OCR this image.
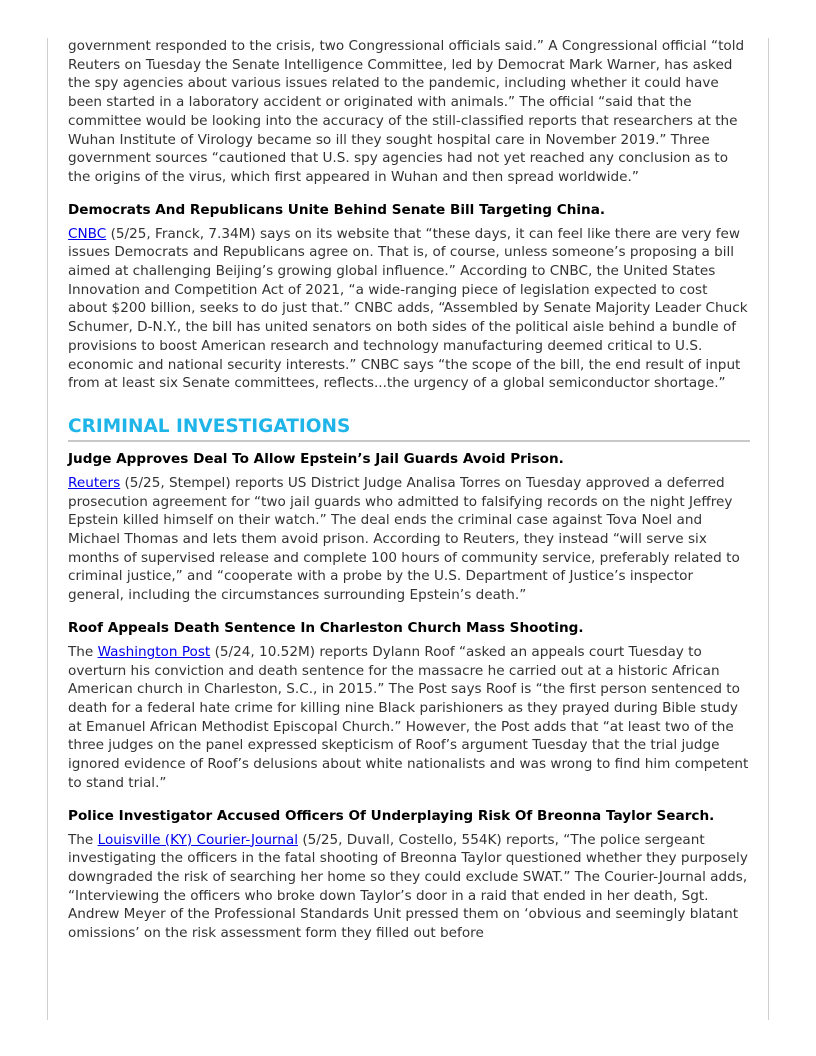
government responded to the crisis, two Congressional officials said.” A Congressional official “told Reuters on Tuesday the Senate Intelligence Committee, led by Democrat Mark Warner, has asked the spy agencies about various issues related to the pandemic, including whether it could have been started in a laboratory accident or originated with animals.” The official “said that the committee would be looking into the accuracy of the still-classified reports that researchers at the Wuhan Institute of Virology became so ill they sought hospital care in November 2019.” Three government sources “cautioned that U.S. spy agencies had not yet reached any conclusion as to the origins of the virus, which first appeared in Wuhan and then spread worldwide.”

Democrats And Republicans Unite Behind Senate Bill Targeting China.

CNBC (5/25, Franck, 7.34M) says on its website that “these days, it can feel like there are very few issues Democrats and Republicans agree on. That is, of course, unless someone’s proposing a bill aimed at challenging Beijing’s growing global influence.” According to CNBC, the United States Innovation and Competition Act of 2021, “a wide-ranging piece of legislation expected to cost about $200 billion, seeks to do just that.” CNBC adds, “Assembled by Senate Majority Leader Chuck Schumer, D-N.Y., the bill has united senators on both sides of the political aisle behind a bundle of provisions to boost American research and technology manufacturing deemed critical to U.S. economic and national security interests.” CNBC says “the scope of the bill, the end result of input from at least six Senate committees, reflects...the urgency of a global semiconductor shortage.”

CRIMINAL INVESTIGATIONS
Judge Approves Deal To Allow Epstein’s Jail Guards Avoid Prison.

Reuters (5/25, Stempel) reports US District Judge Analisa Torres on Tuesday approved a deferred prosecution agreement for “two jail guards who admitted to falsifying records on the night Jeffrey Epstein killed himself on their watch.” The deal ends the criminal case against Tova Noel and Michael Thomas and lets them avoid prison. According to Reuters, they instead “will serve six months of supervised release and complete 100 hours of community service, preferably related to criminal justice,” and “cooperate with a probe by the U.S. Department of Justice’s inspector general, including the circumstances surrounding Epstein’s death.”

Roof Appeals Death Sentence In Charleston Church Mass Shooting.

The Washington Post (5/24, 10.52M) reports Dylann Roof “asked an appeals court Tuesday to overturn his conviction and death sentence for the massacre he carried out at a historic African American church in Charleston, S.C., in 2015.” The Post says Roof is “the first person sentenced to death for a federal hate crime for killing nine Black parishioners as they prayed during Bible study at Emanuel African Methodist Episcopal Church.” However, the Post adds that “at least two of the three judges on the panel expressed skepticism of Roof’s argument Tuesday that the trial judge ignored evidence of Roof’s delusions about white nationalists and was wrong to find him competent to stand trial.”

Police Investigator Accused Officers Of Underplaying Risk Of Breonna Taylor Search.

The Louisville (KY) Courier-Journal (5/25, Duvall, Costello, 554K) reports, “The police sergeant investigating the officers in the fatal shooting of Breonna Taylor questioned whether they purposely downgraded the risk of searching her home so they could exclude SWAT.” The Courier-Journal adds, “Interviewing the officers who broke down Taylor’s door in a raid that ended in her death, Sgt. Andrew Meyer of the Professional Standards Unit pressed them on ‘obvious and seemingly blatant omissions’ on the risk assessment form they filled out before
